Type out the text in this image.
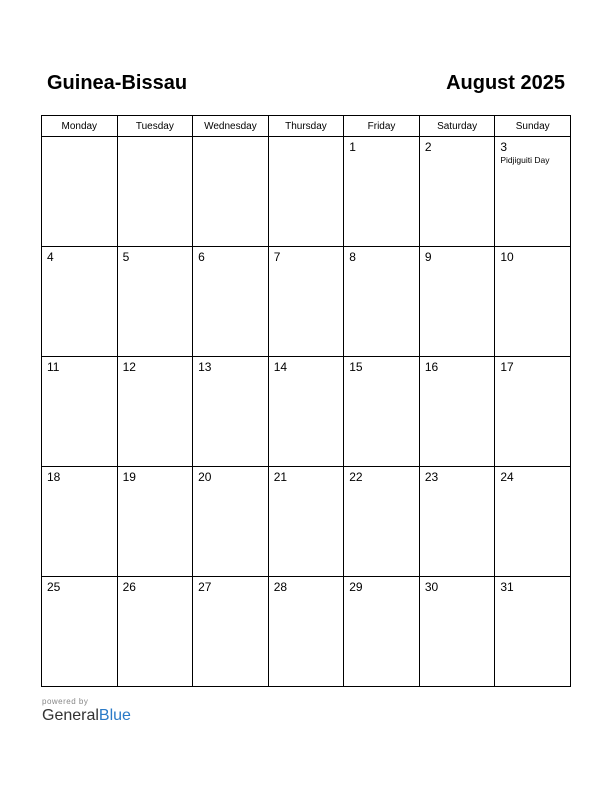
Guinea-Bissau	August 2025
Monday	Tuesday	Wednesday	Thursday	Friday	Saturday	Sunday

				1	2	3
Pidjiguiti Day

4	5	6	7	8	9	10

11	12	13	14	15	16	17

18	19	20	21	22	23	24

25	26	27	28	29	30	31
powered by
GeneralBlue
